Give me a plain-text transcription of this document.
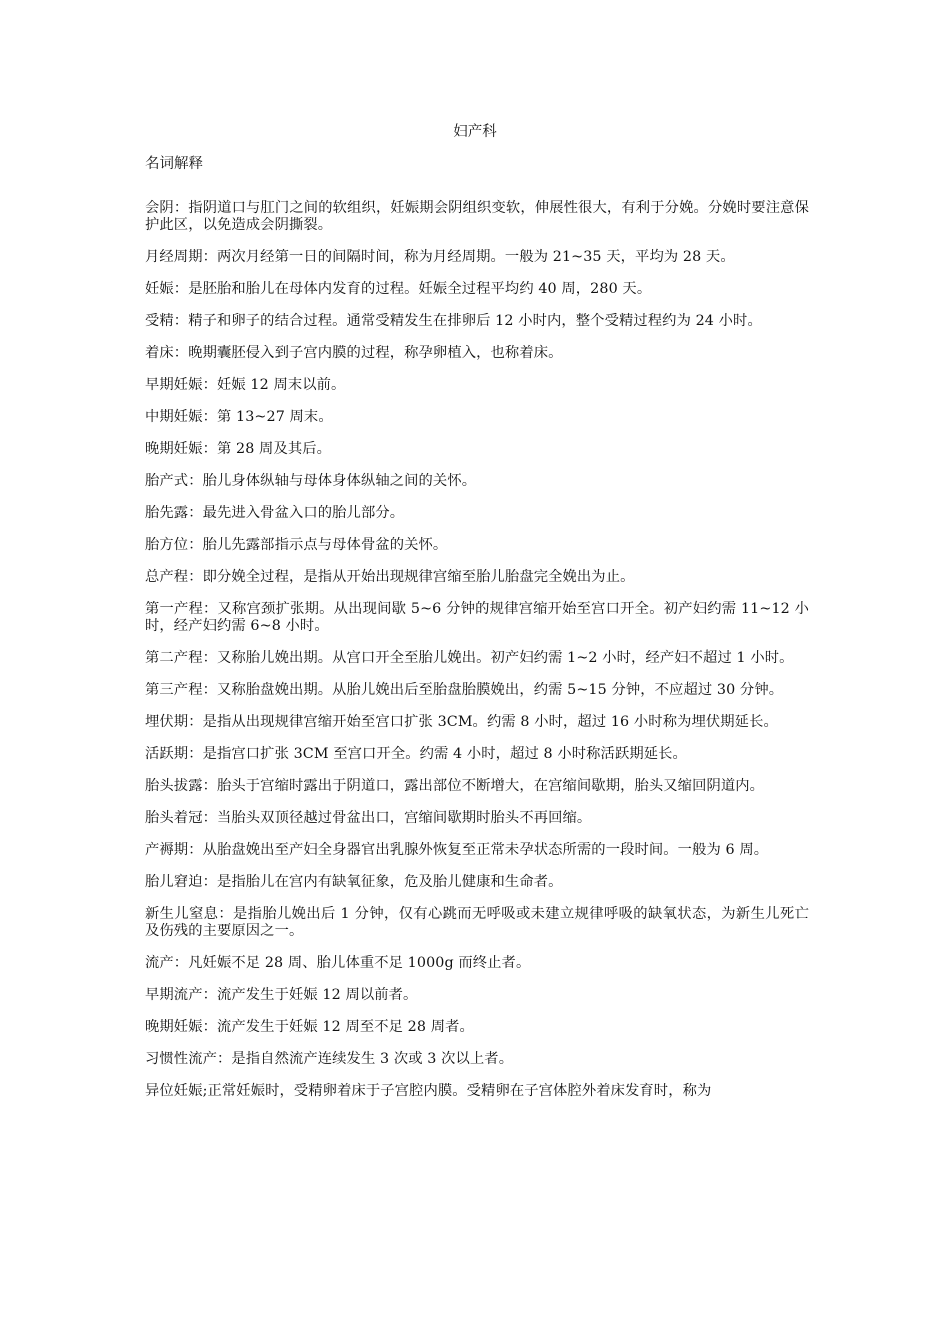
妇产科
名词解释

会阴：指阴道口与肛门之间的软组织，妊娠期会阴组织变软，伸展性很大，有利于分娩。分娩时要注意保护此区，以免造成会阴撕裂。

月经周期：两次月经第一日的间隔时间，称为月经周期。一般为 21~35 天，平均为 28 天。

妊娠：是胚胎和胎儿在母体内发育的过程。妊娠全过程平均约 40 周，280 天。

受精：精子和卵子的结合过程。通常受精发生在排卵后 12 小时内，整个受精过程约为 24 小时。

着床：晚期囊胚侵入到子宫内膜的过程，称孕卵植入，也称着床。

早期妊娠：妊娠 12 周末以前。

中期妊娠：第 13~27 周末。

晚期妊娠：第 28 周及其后。

胎产式：胎儿身体纵轴与母体身体纵轴之间的关怀。

胎先露：最先进入骨盆入口的胎儿部分。

胎方位：胎儿先露部指示点与母体骨盆的关怀。

总产程：即分娩全过程，是指从开始出现规律宫缩至胎儿胎盘完全娩出为止。

第一产程：又称宫颈扩张期。从出现间歇 5~6 分钟的规律宫缩开始至宫口开全。初产妇约需 11~12 小时，经产妇约需 6~8 小时。

第二产程：又称胎儿娩出期。从宫口开全至胎儿娩出。初产妇约需 1~2 小时，经产妇不超过 1 小时。

第三产程：又称胎盘娩出期。从胎儿娩出后至胎盘胎膜娩出，约需 5~15 分钟，不应超过 30 分钟。

埋伏期：是指从出现规律宫缩开始至宫口扩张 3CM。约需 8 小时，超过 16 小时称为埋伏期延长。

活跃期：是指宫口扩张 3CM 至宫口开全。约需 4 小时，超过 8 小时称活跃期延长。

胎头拔露：胎头于宫缩时露出于阴道口，露出部位不断增大，在宫缩间歇期，胎头又缩回阴道内。

胎头着冠：当胎头双顶径越过骨盆出口，宫缩间歇期时胎头不再回缩。

产褥期：从胎盘娩出至产妇全身器官出乳腺外恢复至正常未孕状态所需的一段时间。一般为 6 周。

胎儿窘迫：是指胎儿在宫内有缺氧征象，危及胎儿健康和生命者。

新生儿窒息：是指胎儿娩出后 1 分钟，仅有心跳而无呼吸或未建立规律呼吸的缺氧状态，为新生儿死亡及伤残的主要原因之一。

流产：凡妊娠不足 28 周、胎儿体重不足 1000g 而终止者。

早期流产：流产发生于妊娠 12 周以前者。

晚期妊娠：流产发生于妊娠 12 周至不足 28 周者。

习惯性流产：是指自然流产连续发生 3 次或 3 次以上者。

异位妊娠;正常妊娠时，受精卵着床于子宫腔内膜。受精卵在子宫体腔外着床发育时，称为
